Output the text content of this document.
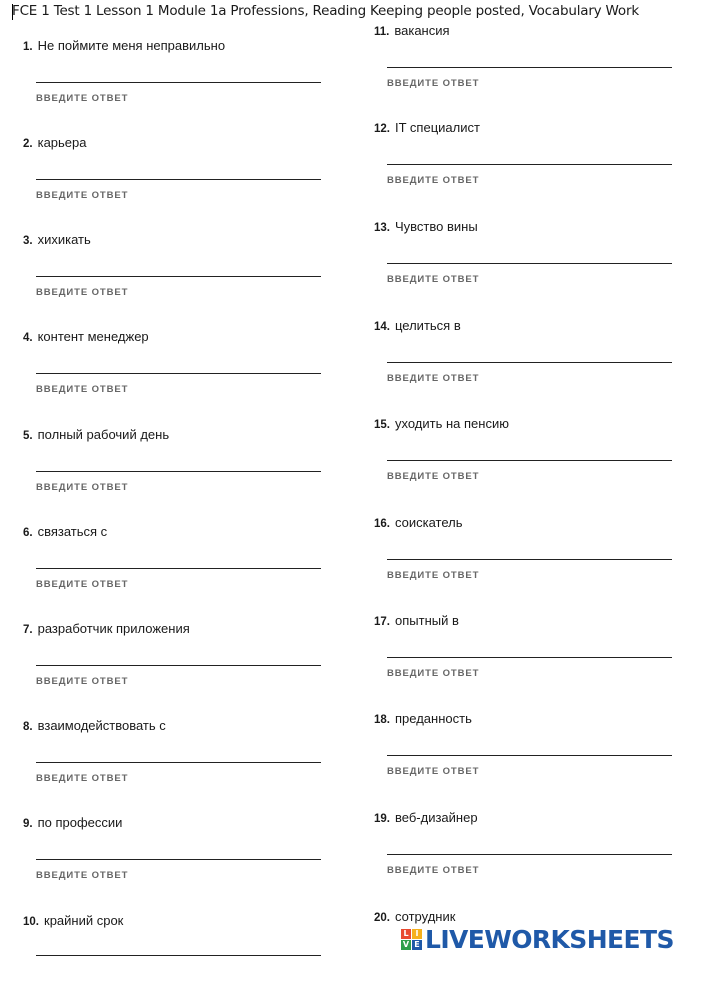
FCE 1 Test 1 Lesson 1 Module 1a Professions, Reading Keeping people posted, Vocabulary Work
1. Не поймите меня неправильно
ВВЕДИТЕ ОТВЕТ
2. карьера
ВВЕДИТЕ ОТВЕТ
3. хихикать
ВВЕДИТЕ ОТВЕТ
4. контент менеджер
ВВЕДИТЕ ОТВЕТ
5. полный рабочий день
ВВЕДИТЕ ОТВЕТ
6. связаться с
ВВЕДИТЕ ОТВЕТ
7. разработчик приложения
ВВЕДИТЕ ОТВЕТ
8. взаимодействовать с
ВВЕДИТЕ ОТВЕТ
9. по профессии
ВВЕДИТЕ ОТВЕТ
10. крайний срок
11. вакансия
ВВЕДИТЕ ОТВЕТ
12. IT специалист
ВВЕДИТЕ ОТВЕТ
13. Чувство вины
ВВЕДИТЕ ОТВЕТ
14. целиться в
ВВЕДИТЕ ОТВЕТ
15. уходить на пенсию
ВВЕДИТЕ ОТВЕТ
16. соискатель
ВВЕДИТЕ ОТВЕТ
17. опытный в
ВВЕДИТЕ ОТВЕТ
18. преданность
ВВЕДИТЕ ОТВЕТ
19. веб-дизайнер
ВВЕДИТЕ ОТВЕТ
20. сотрудник
L I
V E LIVEWORKSHEETS
